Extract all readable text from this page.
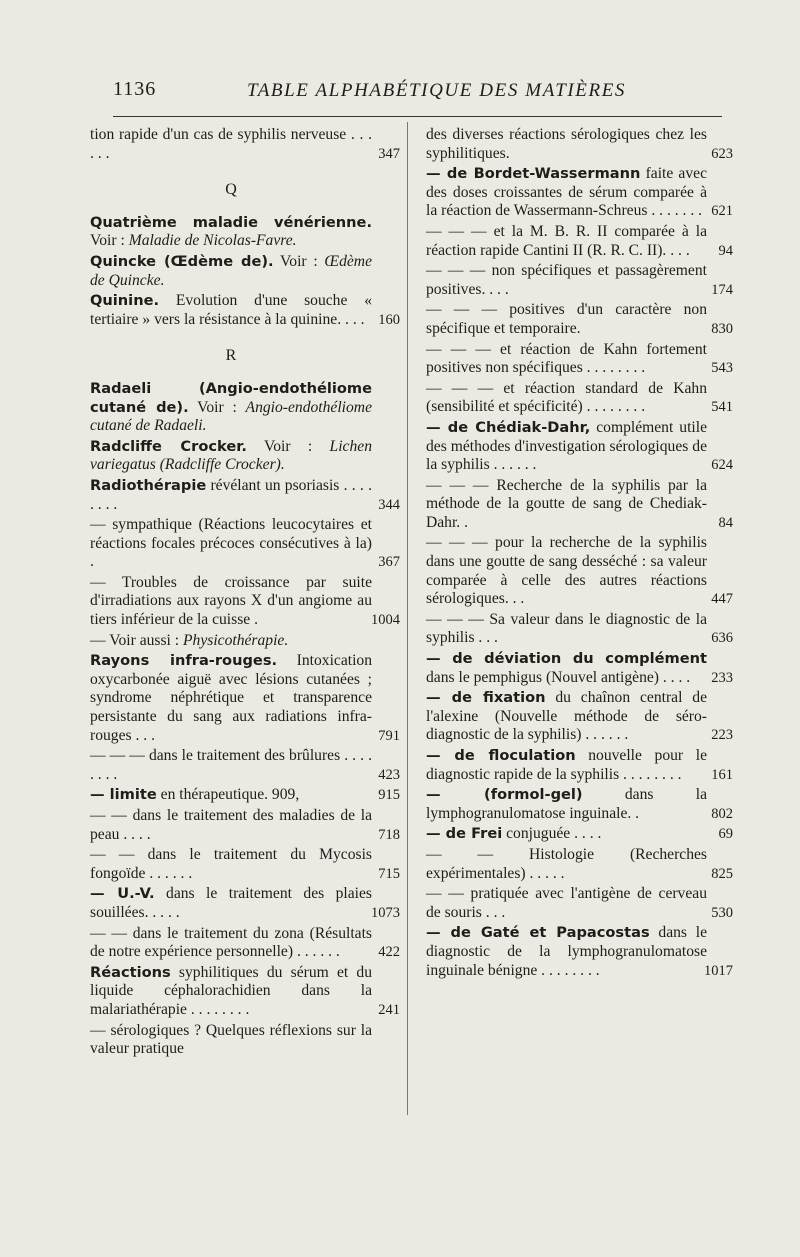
1136	TABLE ALPHABÉTIQUE DES MATIÈRES

tion rapide d'un cas de syphilis nerveuse . . . . . .	347

Q

Quatrième maladie vénérienne. Voir : Maladie de Nicolas-Favre.

Quincke (Œdème de). Voir : Œdème de Quincke.

Quinine. Evolution d'une souche « tertiaire » vers la résistance à la quinine. . . . 160

R

Radaeli (Angio-endothéliome cutané de). Voir : Angio-endothéliome cutané de Radaeli.

Radcliffe Crocker. Voir : Lichen variegatus (Radcliffe Crocker).

Radiothérapie révélant un psoriasis . . . . . . . .	344

— sympathique (Réactions leucocytaires et réactions focales précoces consécutives à la) .	367

— Troubles de croissance par suite d'irradiations aux rayons X d'un angiome au tiers inférieur de la cuisse .	1004

— Voir aussi : Physicothérapie.

Rayons infra-rouges. Intoxication oxycarbonée aiguë avec lésions cutanées ; syndrome néphrétique et transparence persistante du sang aux radiations infra-rouges . . .	791

— — — dans le traitement des brûlures . . . . . . . .	423

— limite en thérapeutique. 909,	915

— — dans le traitement des maladies de la peau . . . .	718

— — dans le traitement du Mycosis fongoïde . . . . . .	715

— U.-V. dans le traitement des plaies souillées. . . . .	1073

— — dans le traitement du zona (Résultats de notre expérience personnelle) . . . . . .	422

Réactions syphilitiques du sérum et du liquide céphalorachidien dans la malariathérapie . . . . . . . .	241

— sérologiques ? Quelques réflexions sur la valeur pratique

des diverses réactions sérologiques chez les syphilitiques.	623

— de Bordet-Wassermann faite avec des doses croissantes de sérum comparée à la réaction de Wassermann-Schreus . . . . . . . 621

— — — et la M. B. R. II comparée à la réaction rapide Cantini II (R. R. C. II). . . . 94

— — — non spécifiques et passagèrement positives. . . .	174

— — — positives d'un caractère non spécifique et temporaire.	830

— — — et réaction de Kahn fortement positives non spécifiques . . . . . . . .	543

— — — et réaction standard de Kahn (sensibilité et spécificité) . . . . . . . .	541

— de Chédiak-Dahr, complément utile des méthodes d'investigation sérologiques de la syphilis . . . . . .	624

— — — Recherche de la syphilis par la méthode de la goutte de sang de Chediak-Dahr. .	84

— — — pour la recherche de la syphilis dans une goutte de sang desséché : sa valeur comparée à celle des autres réactions sérologiques. . .	447

— — — Sa valeur dans le diagnostic de la syphilis . . .	636

— de déviation du complément dans le pemphigus (Nouvel antigène) . . . . 233

— de fixation du chaînon central de l'alexine (Nouvelle méthode de séro-diagnostic de la syphilis) . . . . . .	223

— de floculation nouvelle pour le diagnostic rapide de la syphilis . . . . . . . . 161

— (formol-gel) dans la lymphogranulomatose inguinale. .	802

— de Frei conjuguée . . . .	69

— — Histologie (Recherches expérimentales) . . . . .	825

— — pratiquée avec l'antigène de cerveau de souris . . .	530

— de Gaté et Papacostas dans le diagnostic de la lymphogranulomatose inguinale bénigne . . . . . . . .	1017
